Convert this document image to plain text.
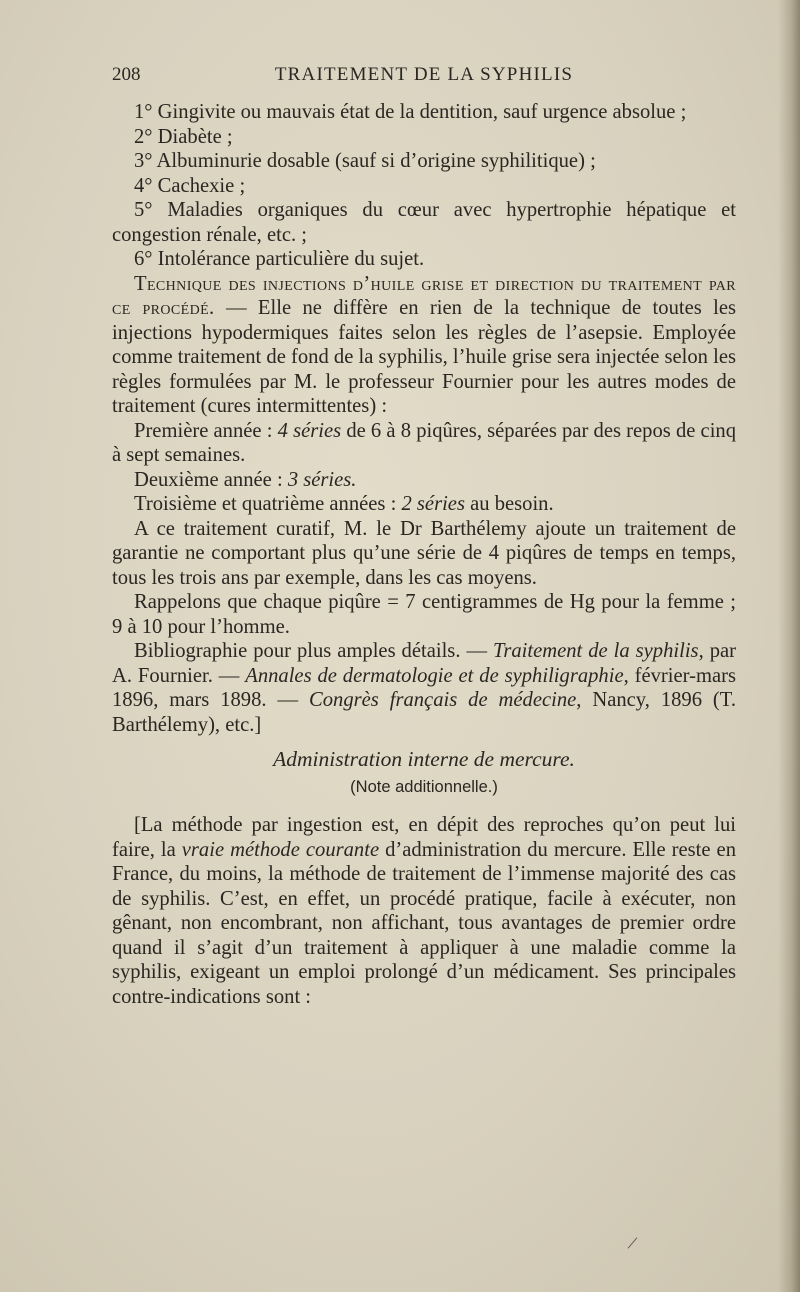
208	TRAITEMENT DE LA SYPHILIS

1° Gingivite ou mauvais état de la dentition, sauf urgence absolue ;

2° Diabète ;

3° Albuminurie dosable (sauf si d’origine syphilitique) ;

4° Cachexie ;

5° Maladies organiques du cœur avec hypertrophie hépatique et congestion rénale, etc. ;

6° Intolérance particulière du sujet.

Technique des injections d’huile grise et direction du traitement par ce procédé. — Elle ne diffère en rien de la technique de toutes les injections hypodermiques faites selon les règles de l’asepsie. Employée comme traitement de fond de la syphilis, l’huile grise sera injectée selon les règles formulées par M. le professeur Fournier pour les autres modes de traitement (cures intermittentes) :

Première année : 4 séries de 6 à 8 piqûres, séparées par des repos de cinq à sept semaines.

Deuxième année : 3 séries.

Troisième et quatrième années : 2 séries au besoin.

A ce traitement curatif, M. le Dr Barthélemy ajoute un traitement de garantie ne comportant plus qu’une série de 4 piqûres de temps en temps, tous les trois ans par exemple, dans les cas moyens.

Rappelons que chaque piqûre = 7 centigrammes de Hg pour la femme ; 9 à 10 pour l’homme.

Bibliographie pour plus amples détails. — Traitement de la syphilis, par A. Fournier. — Annales de dermatologie et de syphiligraphie, février-mars 1896, mars 1898. — Congrès français de médecine, Nancy, 1896 (T. Barthélemy), etc.]

Administration interne de mercure.

(Note additionnelle.)

[La méthode par ingestion est, en dépit des reproches qu’on peut lui faire, la vraie méthode courante d’administration du mercure. Elle reste en France, du moins, la méthode de traitement de l’immense majorité des cas de syphilis. C’est, en effet, un procédé pratique, facile à exécuter, non gênant, non encombrant, non affichant, tous avantages de premier ordre quand il s’agit d’un traitement à appliquer à une maladie comme la syphilis, exigeant un emploi prolongé d’un médicament. Ses principales contre-indications sont :
